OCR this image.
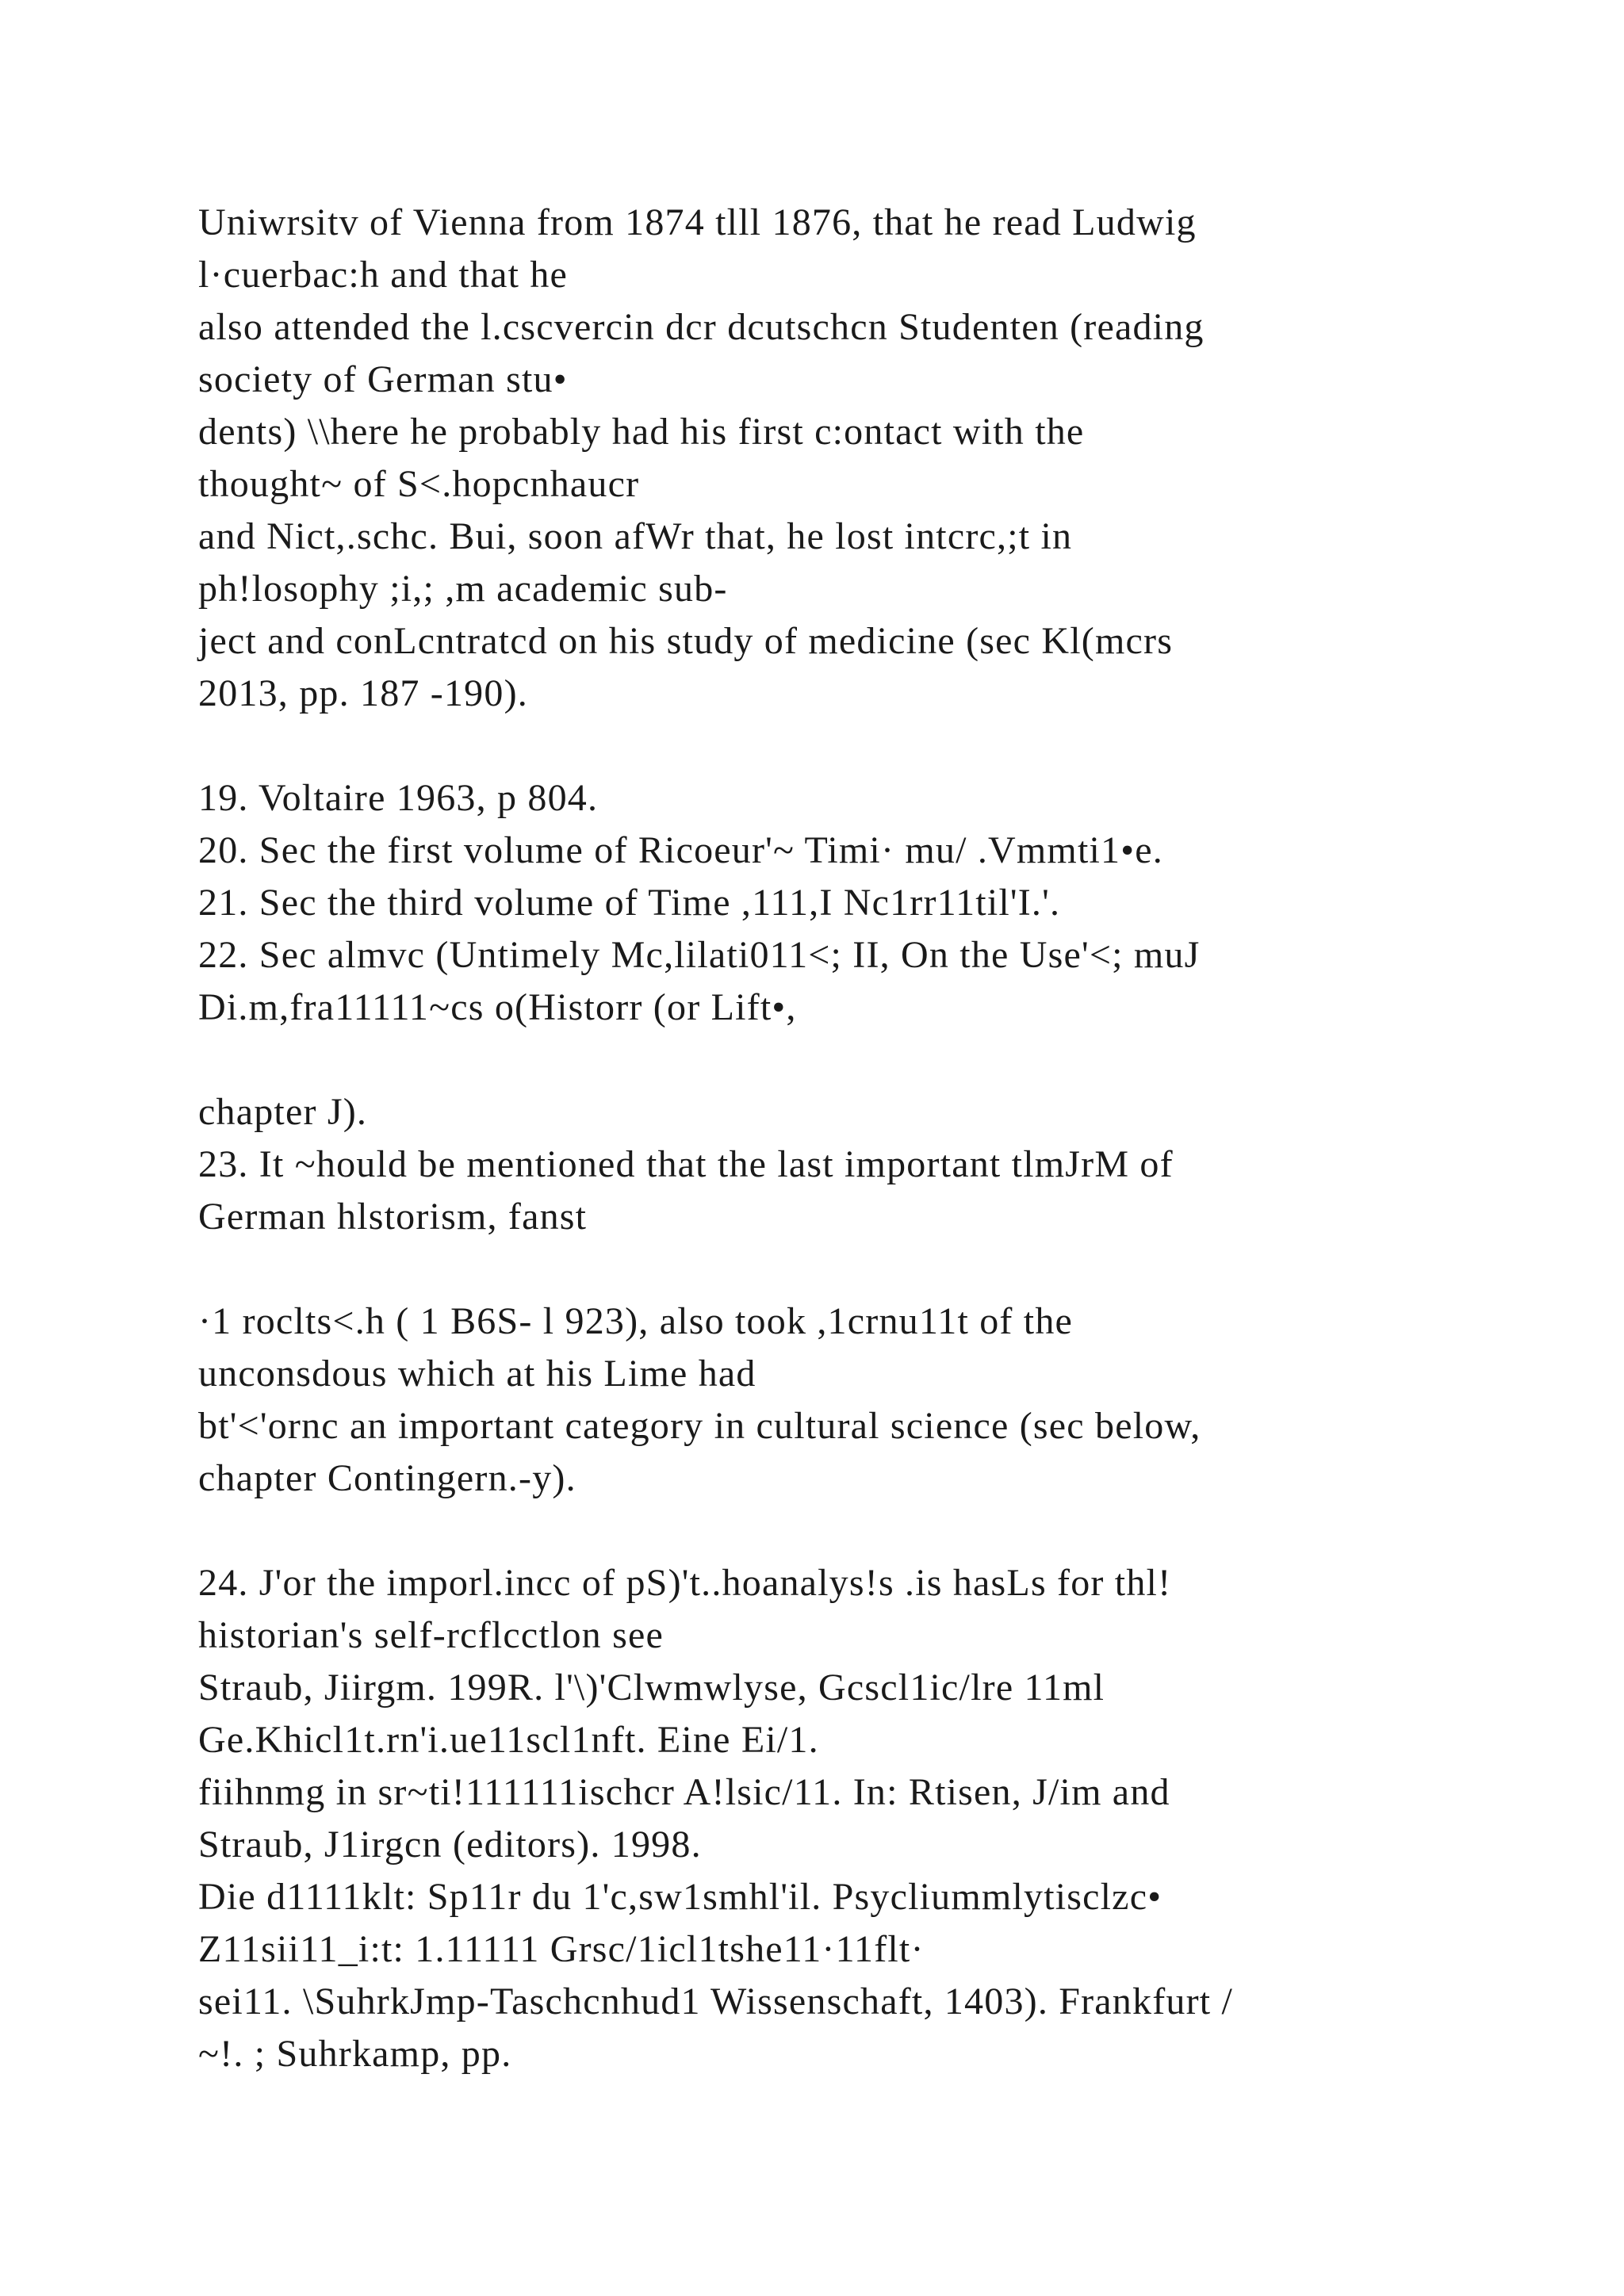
Uniwrsitv of Vienna from 1874 tlll 1876, that he read Ludwig
l·cuerbac:h and that he
also attended the l.cscvercin dcr dcutschcn Studenten (reading
society of German stu•
dents) \\here he probably had his first c:ontact with the
thought~ of S<.hopcnhaucr
and Nict,.schc. Bui, soon afWr that, he lost intcrc,;t in
ph!losophy ;i,; ,m academic sub-
ject and conLcntratcd on his study of medicine (sec Kl(mcrs
2013, pp. 187 -190).
19. Voltaire 1963, p 804.
20. Sec the first volume of Ricoeur'~ Timi· mu/ .Vmmti1•e.
21. Sec the third volume of Time ,111,I Nc1rr11til'I.'.
22. Sec almvc (Untimely Mc,lilati011<; II, On the Use'<; muJ
Di.m,fra11111~cs o(Historr (or Lift•,
chapter J).
23. It ~hould be mentioned that the last important tlmJrM of
German hlstorism, fanst
·1 roclts<.h ( 1 B6S- l 923), also took ,1crnu11t of the
unconsdous which at his Lime had
bt'<'ornc an important category in cultural science (sec below,
chapter Contingern.-y).
24. J'or the imporl.incc of pS)'t..hoanalys!s .is hasLs for thl!
historian's self-rcflcctlon see
Straub, Jiirgm. 199R. l'\)'Clwmwlyse, Gcscl1ic/lre 11ml
Ge.Khicl1t.rn'i.ue11scl1nft. Eine Ei/1.
fiihnmg in sr~ti!111111ischcr A!lsic/11. In: Rtisen, J/im and
Straub, J1irgcn (editors). 1998.
Die d1111klt: Sp11r du 1'c,sw1smhl'il. Psycliummlytisclzc•
Z11sii11_i:t: 1.11111 Grsc/1icl1tshe11·11flt·
sei11. \SuhrkJmp-Taschcnhud1 Wissenschaft, 1403). Frankfurt /
~!. ; Suhrkamp, pp.
